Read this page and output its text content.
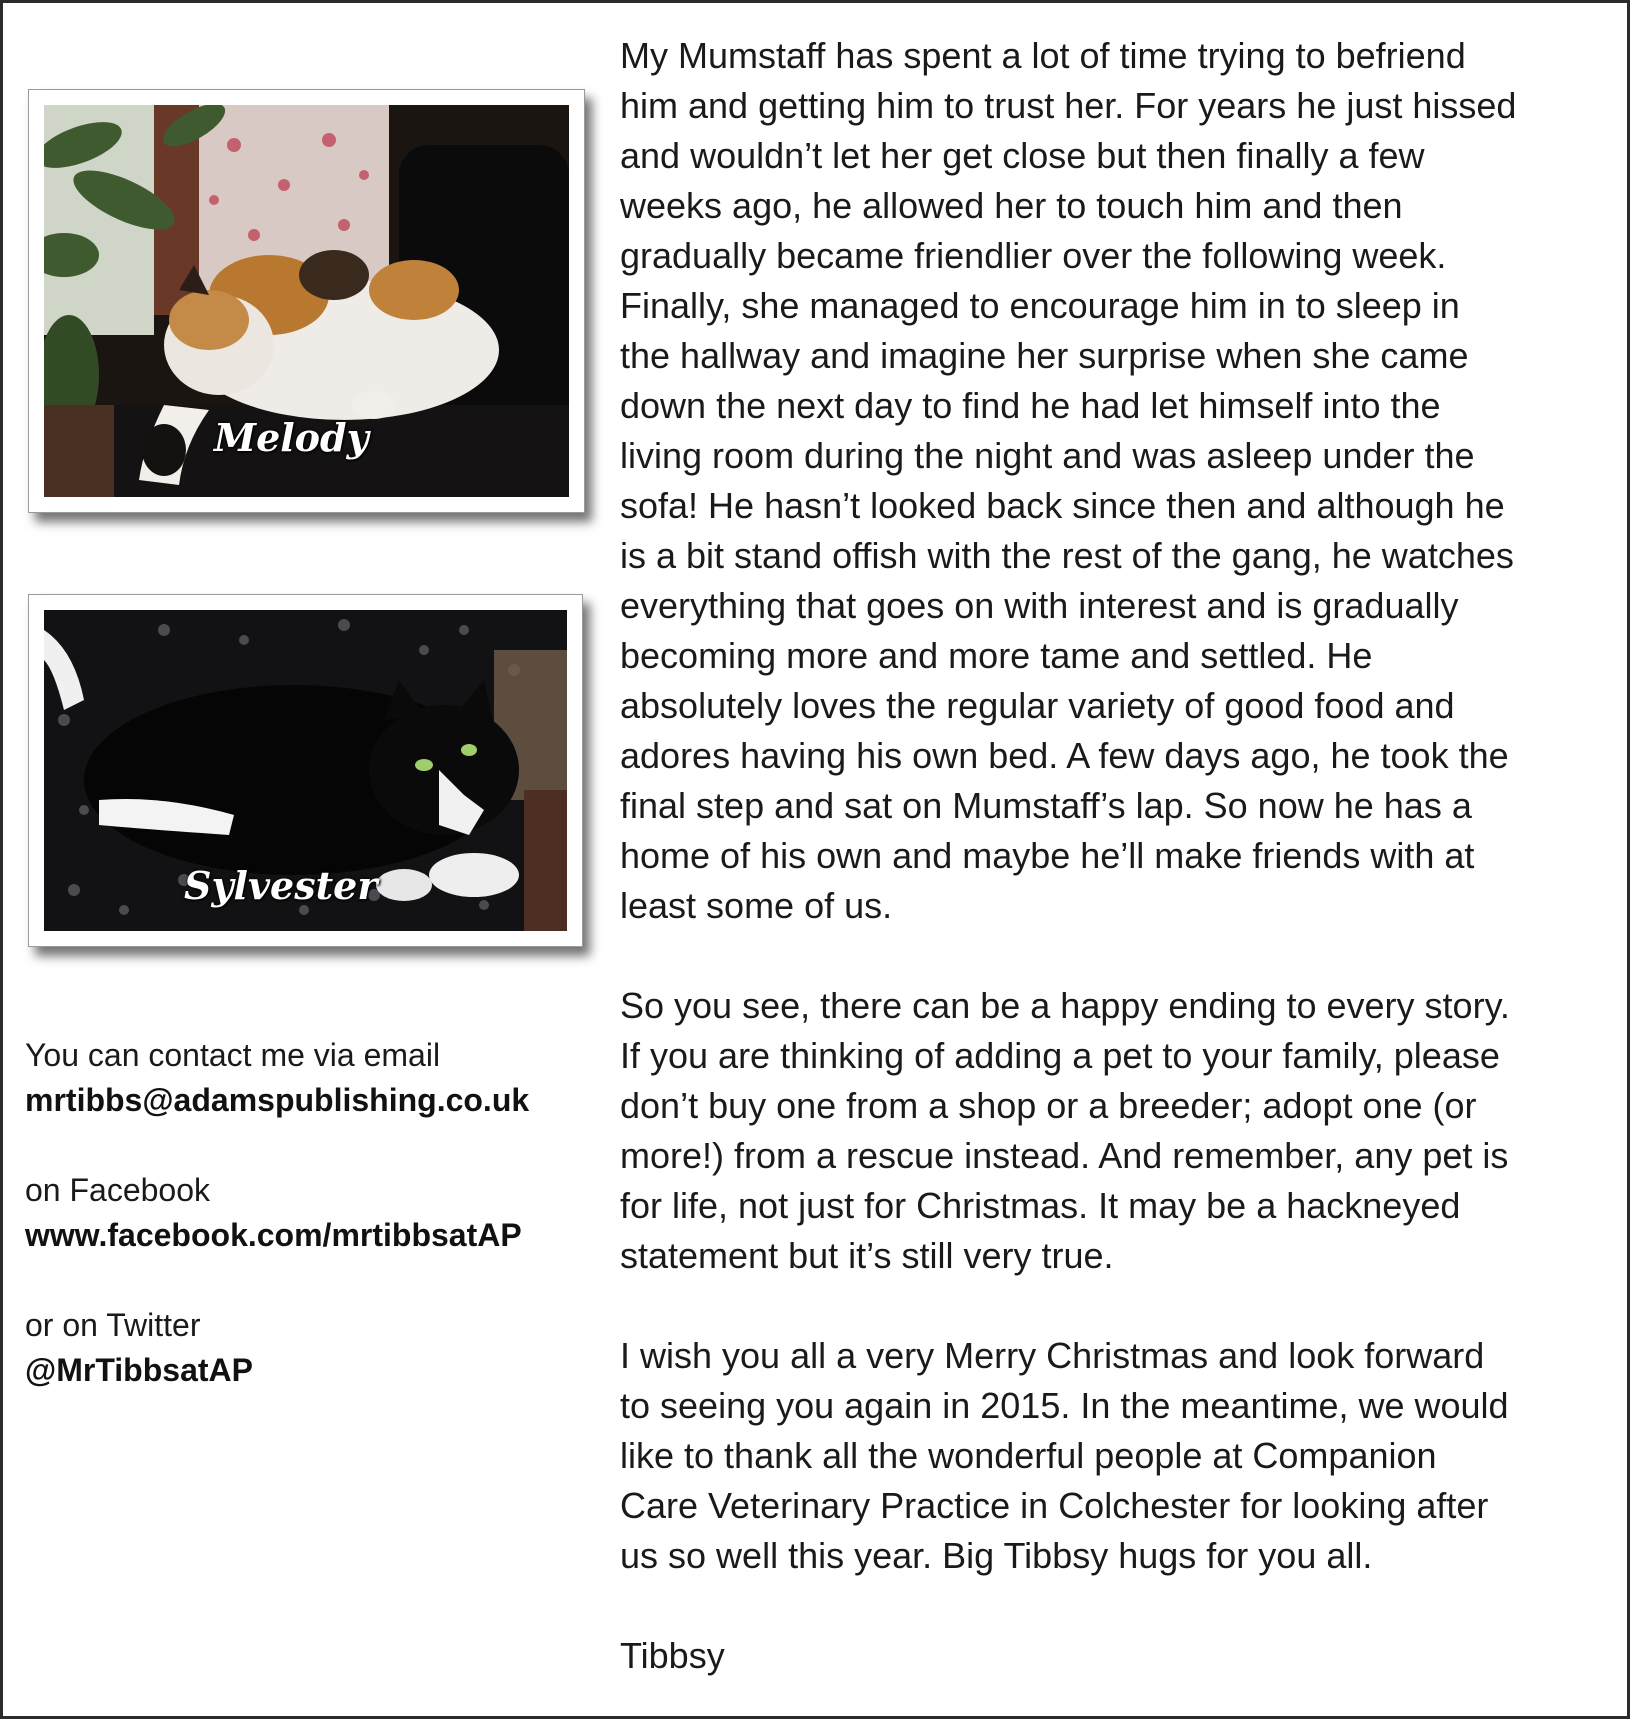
Melody
Sylvester
You can contact me via email
mrtibbs@adamspublishing.co.uk
on Facebook
www.facebook.com/mrtibbsatAP
or on Twitter
@MrTibbsatAP
My Mumstaff has spent a lot of time trying to befriend
him and getting him to trust her. For years he just hissed
and wouldn’t let her get close but then finally a few
weeks ago, he allowed her to touch him and then
gradually became friendlier over the following week.
Finally, she managed to encourage him in to sleep in
the hallway and imagine her surprise when she came
down the next day to find he had let himself into the
living room during the night and was asleep under the
sofa! He hasn’t looked back since then and although he
is a bit stand offish with the rest of the gang, he watches
everything that goes on with interest and is gradually
becoming more and more tame and settled. He
absolutely loves the regular variety of good food and
adores having his own bed. A few days ago, he took the
final step and sat on Mumstaff’s lap. So now he has a
home of his own and maybe he’ll make friends with at
least some of us.
So you see, there can be a happy ending to every story.
If you are thinking of adding a pet to your family, please
don’t buy one from a shop or a breeder; adopt one (or
more!) from a rescue instead. And remember, any pet is
for life, not just for Christmas. It may be a hackneyed
statement but it’s still very true.
I wish you all a very Merry Christmas and look forward
to seeing you again in 2015. In the meantime, we would
like to thank all the wonderful people at Companion
Care Veterinary Practice in Colchester for looking after
us so well this year. Big Tibbsy hugs for you all.
Tibbsy
